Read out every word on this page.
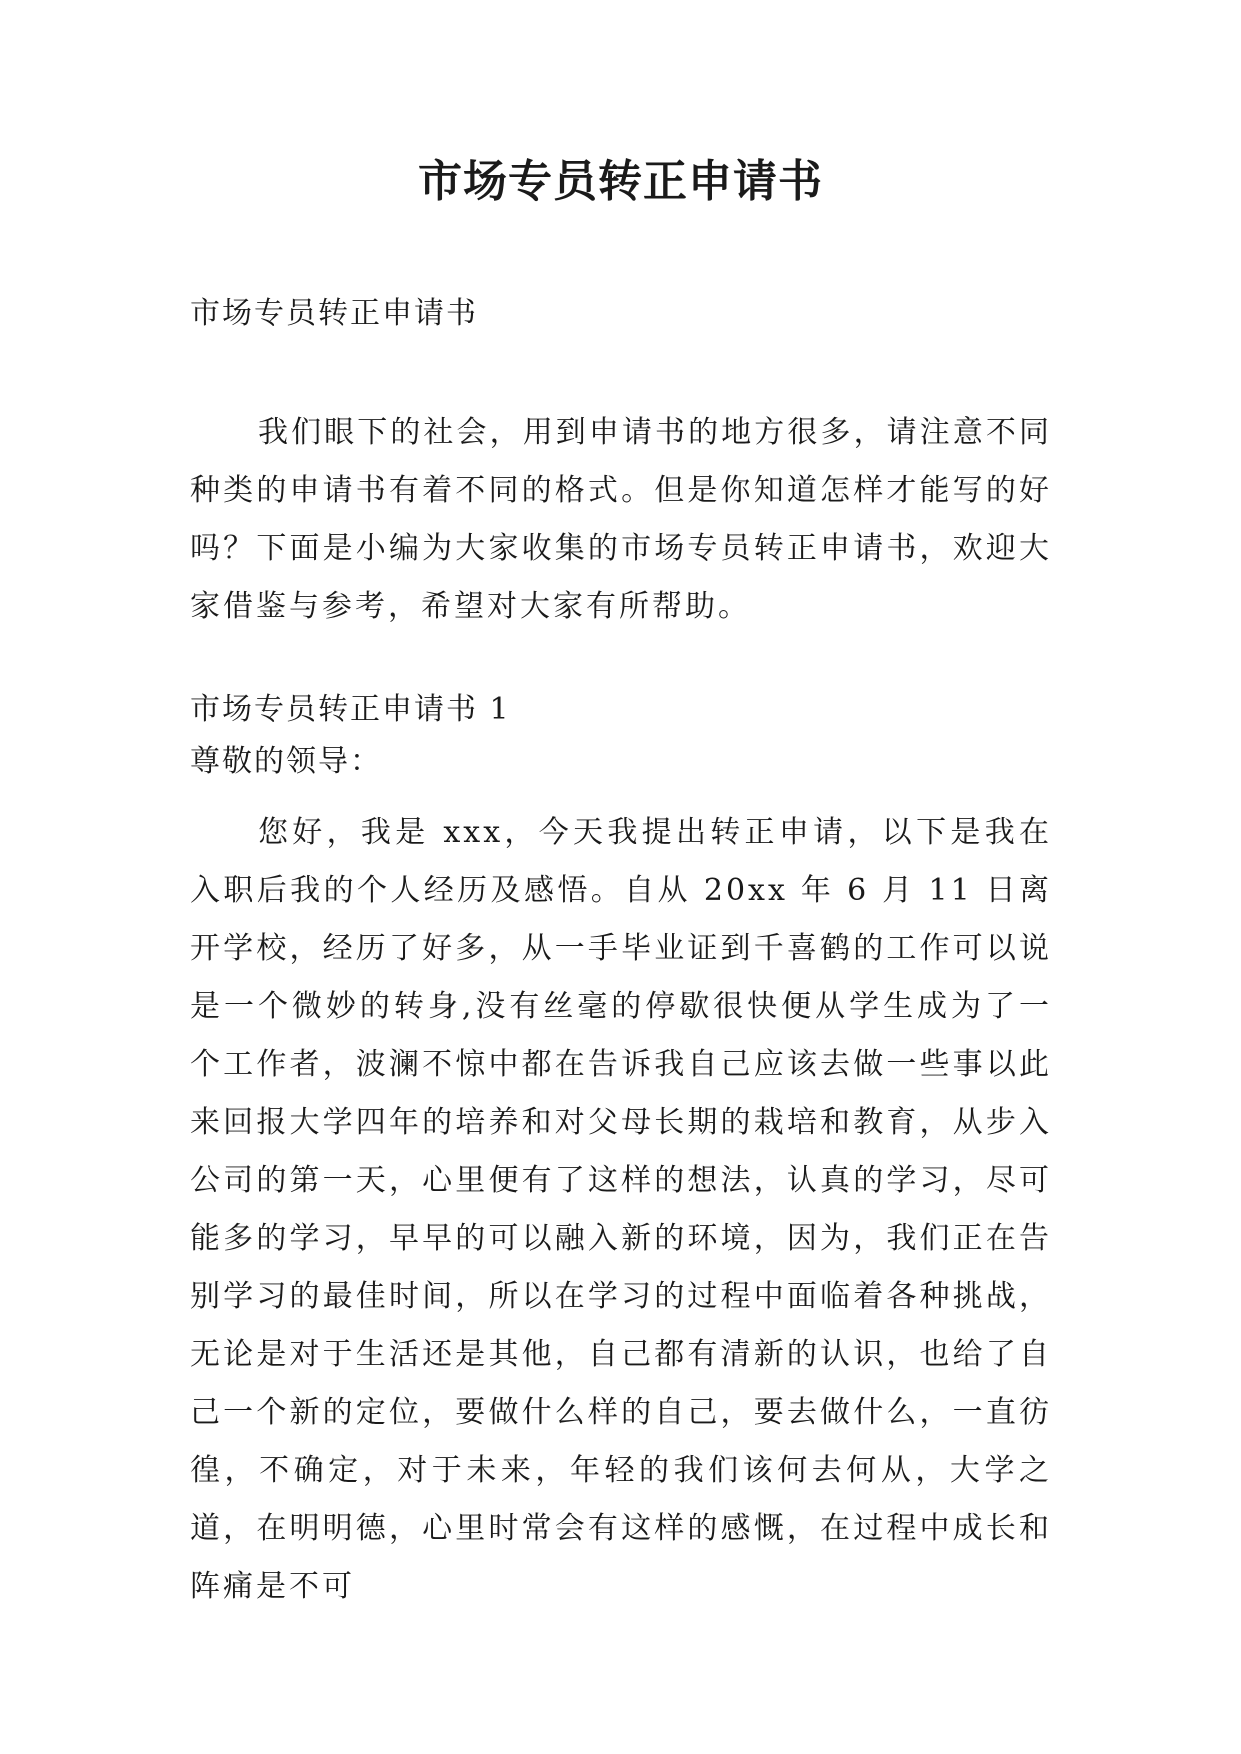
市场专员转正申请书

市场专员转正申请书

我们眼下的社会，用到申请书的地方很多，请注意不同种类的申请书有着不同的格式。但是你知道怎样才能写的好吗？下面是小编为大家收集的市场专员转正申请书，欢迎大家借鉴与参考，希望对大家有所帮助。

市场专员转正申请书 1

尊敬的领导：

您好，我是 xxx，今天我提出转正申请，以下是我在入职后我的个人经历及感悟。自从 20xx 年 6 月 11 日离开学校，经历了好多，从一手毕业证到千喜鹤的工作可以说是一个微妙的转身,没有丝毫的停歇很快便从学生成为了一个工作者，波澜不惊中都在告诉我自己应该去做一些事以此来回报大学四年的培养和对父母长期的栽培和教育，从步入公司的第一天，心里便有了这样的想法，认真的学习，尽可能多的学习，早早的可以融入新的环境，因为，我们正在告别学习的最佳时间，所以在学习的过程中面临着各种挑战，无论是对于生活还是其他，自己都有清新的认识，也给了自己一个新的定位，要做什么样的自己，要去做什么，一直彷徨，不确定，对于未来，年轻的我们该何去何从，大学之道，在明明德，心里时常会有这样的感慨，在过程中成长和阵痛是不可
